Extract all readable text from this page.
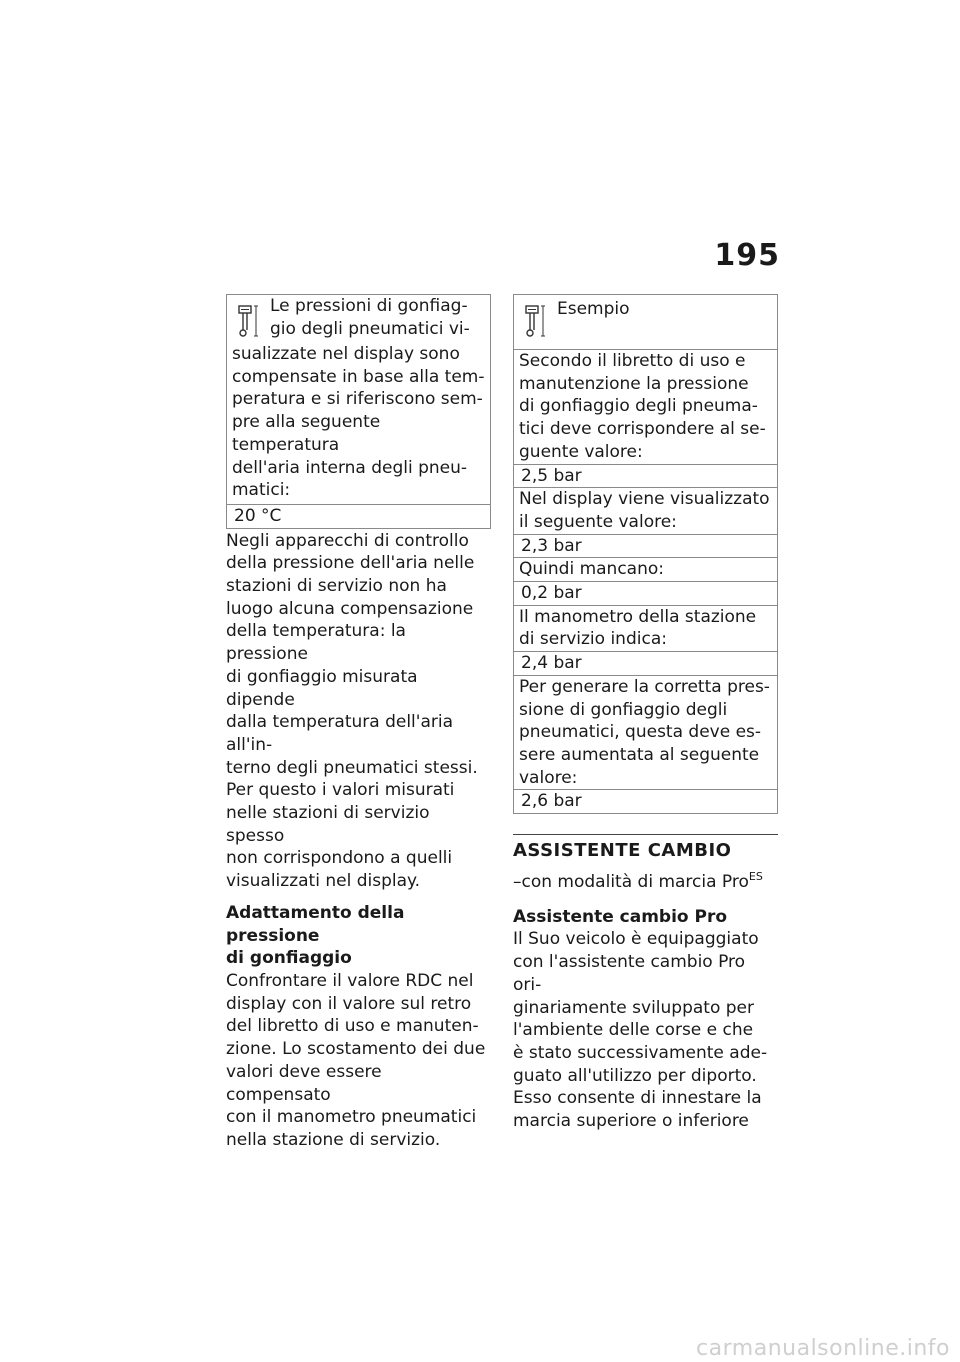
195

Le pressioni di gonfiag-

gio degli pneumatici vi-

sualizzate nel display sono

compensate in base alla tem-

peratura e si riferiscono sem-

pre alla seguente temperatura

dell'aria interna degli pneu-

matici:

20 °C

Negli apparecchi di controllo

della pressione dell'aria nelle

stazioni di servizio non ha

luogo alcuna compensazione

della temperatura: la pressione

di gonfiaggio misurata dipende

dalla temperatura dell'aria all'in-

terno degli pneumatici stessi.

Per questo i valori misurati

nelle stazioni di servizio spesso

non corrispondono a quelli

visualizzati nel display.

Adattamento della pressione

di gonfiaggio

Confrontare il valore RDC nel

display con il valore sul retro

del libretto di uso e manuten-

zione. Lo scostamento dei due

valori deve essere compensato

con il manometro pneumatici

nella stazione di servizio.

Esempio

Secondo il libretto di uso e

manutenzione la pressione

di gonfiaggio degli pneuma-

tici deve corrispondere al se-

guente valore:

2,5 bar

Nel display viene visualizzato

il seguente valore:

2,3 bar

Quindi mancano:

0,2 bar

Il manometro della stazione

di servizio indica:

2,4 bar

Per generare la corretta pres-

sione di gonfiaggio degli

pneumatici, questa deve es-

sere aumentata al seguente

valore:

2,6 bar

ASSISTENTE CAMBIO

–con modalità di marcia Pro$^{ES}$

Assistente cambio Pro

Il Suo veicolo è equipaggiato

con l'assistente cambio Pro ori-

ginariamente sviluppato per

l'ambiente delle corse e che

è stato successivamente ade-

guato all'utilizzo per diporto.

Esso consente di innestare la

marcia superiore o inferiore

carmanualsonline.info
